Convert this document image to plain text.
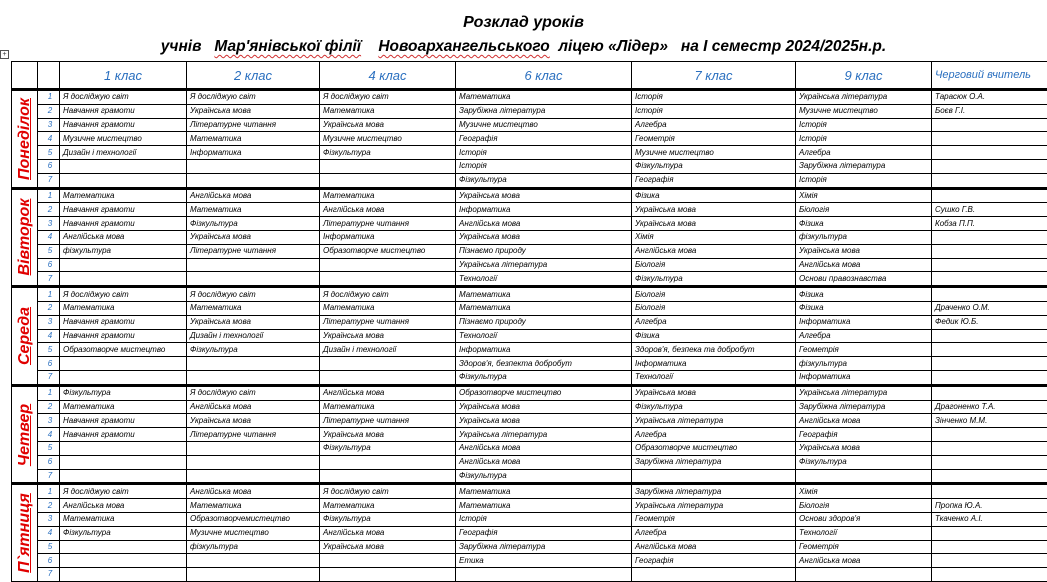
Розклад уроків
учнів Мар'янівської філії Новоархангельського ліцею «Лідер» на І семестр 2024/2025н.р.
+
		1 клас	2 клас	4 клас	6 клас	7 клас	9 клас	Черговий вчитель

Понеділок	1	Я досліджую світ	Я досліджую світ	Я досліджую світ	Математика	Історія	Українська література	Тарасюк О.А.
	2	Навчання грамоти	Українська мова	Математика	Зарубіжна література	Історія	Музичне мистецтво	Боєв Г.І.
	3	Навчання грамоти	Літературне читання	Українська мова	Музичне мистецтво	Алгебра	Історія	
	4	Музичне мистецтво	Математика	Музичне мистецтво	Географія	Геометрія	Історія	
	5	Дизайн і технології	Інформатика	Фізкультура	Історія	Музичне мистецтво	Алгебра	
	6				Історія	Фізкультура	Зарубіжна література	
	7				Фізкультура	Географія	Історія	

Вівторок	1	Математика	Англійська мова	Математика	Українська мова	Фізика	Хімія	
	2	Навчання грамоти	Математика	Англійська мова	Інформатика	Українська мова	Біологія	Сушко Г.В.
	3	Навчання грамоти	Фізкультура	Літературне читання	Англійська мова	Українська мова	Фізика	Кобза П.П.
	4	Англійська мова	Українська мова	Інформатика	Українська мова	Хімія	фізкультура	
	5	фізкультура	Літературне читання	Образотворче мистецтво	Пізнаємо природу	Англійська мова	Українська мова	
	6				Українська література	Біологія	Англійська мова	
	7				Технології	Фізкультура	Основи правознавства	

Середа	1	Я досліджую світ	Я досліджую світ	Я досліджую світ	Математика	Біологія	Фізика	
	2	Математика	Математика	Математика	Математика	Біологія	Фізика	Драченко О.М.
	3	Навчання грамоти	Українська мова	Літературне читання	Пізнаємо природу	Алгебра	Інформатика	Федик Ю.Б.
	4	Навчання грамоти	Дизайн і технології	Українська мова	Технології	Фізика	Алгебра	
	5	Образотворче мистецтво	Фізкультура	Дизайн і технології	Інформатика	Здоров'я, безпека та добробут	Геометрія	
	6				Здоров'я, безпекта добробут	Інформатика	фізкультура	
	7				Фізкультура	Технології	Інформатика	

Четвер	1	Фізкультура	Я досліджую світ	Англійська мова	Образотворче мистецтво	Українська мова	Українська література	
	2	Математика	Англійська мова	Математика	Українська мова	Фізкультура	Зарубіжна література	Драгоненко Т.А.
	3	Навчання грамоти	Українська мова	Літературне читання	Українська мова	Українська література	Англійська мова	Зінченко М.М.
	4	Навчання грамоти	Літературне читання	Українська мова	Українська література	Алгебра	Географія	
	5			Фізкультура	Англійська мова	Образотворче мистецтво	Українська мова	
	6				Англійська мова	Зарубіжна література	Фізкультура	
	7				Фізкультура			

П`ятниця	1	Я досліджую світ	Англійська мова	Я досліджую світ	Математика	Зарубіжна література	Хімія	
	2	Англійська мова	Математика	Математика	Математика	Українська література	Біологія	Пропка Ю.А.
	3	Математика	Образотворчемистецтво	Фізкультура	Історія	Геометрія	Основи здоров'я	Ткаченко А.І.
	4	Фізкультура	Музичне мистецтво	Англійська мова	Географія	Алгебра	Технології	
	5		фізкультура	Українська мова	Зарубіжна література	Англійська мова	Геометрія	
	6				Етика	Географія	Англійська мова	
	7							
